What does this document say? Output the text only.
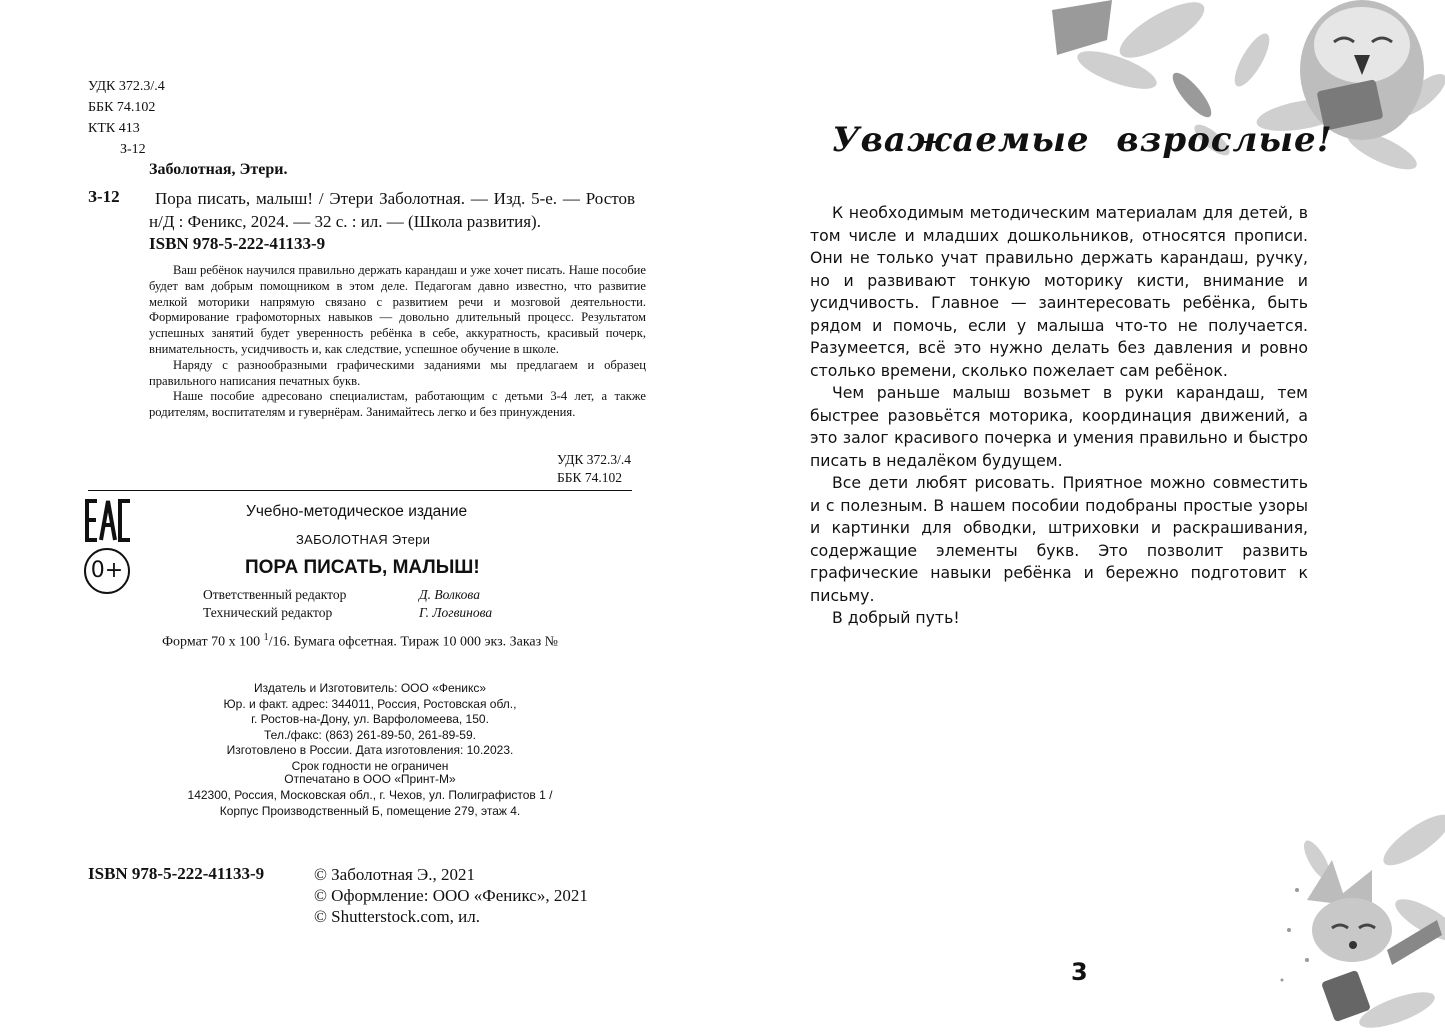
УДК 372.3/.4
ББК 74.102
КТК 413
З-12
Заболотная, Этери.
З-12	Пора писать, малыш! / Этери Заболотная. — Изд. 5-е. — Ростов н/Д : Феникс, 2024. — 32 с. : ил. — (Школа развития).
ISBN 978-5-222-41133-9

Ваш ребёнок научился правильно держать карандаш и уже хочет писать. Наше пособие будет вам добрым помощником в этом деле. Педагогам давно известно, что развитие мелкой моторики напрямую связано с развитием речи и мозговой деятельности. Формирование графомоторных навыков — довольно длительный процесс. Результатом успешных занятий будет уверенность ребёнка в себе, аккуратность, красивый почерк, внимательность, усидчивость и, как следствие, успешное обучение в школе.

Наряду с разнообразными графическими заданиями мы предлагаем и образец правильного написания печатных букв.

Наше пособие адресовано специалистам, работающим с детьми 3-4 лет, а также родителям, воспитателям и гувернёрам. Занимайтесь легко и без принуждения.

УДК 372.3/.4
ББК 74.102
0+
Учебно-методическое издание
ЗАБОЛОТНАЯ Этери
ПОРА ПИСАТЬ, МАЛЫШ!
Ответственный редактор	Д. Волкова
Технический редактор	Г. Логвинова
Формат 70 х 100 $^1$/16. Бумага офсетная. Тираж 10 000 экз. Заказ №
Издатель и Изготовитель: ООО «Феникс»
Юр. и факт. адрес: 344011, Россия, Ростовская обл.,
г. Ростов-на-Дону, ул. Варфоломеева, 150.
Тел./факс: (863) 261-89-50, 261-89-59.
Изготовлено в России. Дата изготовления: 10.2023.
Срок годности не ограничен
Отпечатано в ООО «Принт-М»
142300, Россия, Московская обл., г. Чехов, ул. Полиграфистов 1 /
Корпус Производственный Б, помещение 279, этаж 4.
ISBN 978-5-222-41133-9	© Заболотная Э., 2021
© Оформление: ООО «Феникс», 2021
© Shutterstock.com, ил.
Уважаемые взрослые!

К необходимым методическим материалам для детей, в том числе и младших дошкольников, относятся прописи. Они не только учат правильно держать карандаш, ручку, но и развивают тонкую моторику кисти, внимание и усидчивость. Главное — заинтересовать ребёнка, быть рядом и помочь, если у малыша что-то не получается. Разумеется, всё это нужно делать без давления и ровно столько времени, сколько пожелает сам ребёнок.

Чем раньше малыш возьмет в руки карандаш, тем быстрее разовьётся моторика, координация движений, а это залог красивого почерка и умения правильно и быстро писать в недалёком будущем.

Все дети любят рисовать. Приятное можно совместить и с полезным. В нашем пособии подобраны простые узоры и картинки для обводки, штриховки и раскрашивания, содержащие элементы букв. Это позволит развить графические навыки ребёнка и бережно подготовит к письму.

В добрый путь!

3
